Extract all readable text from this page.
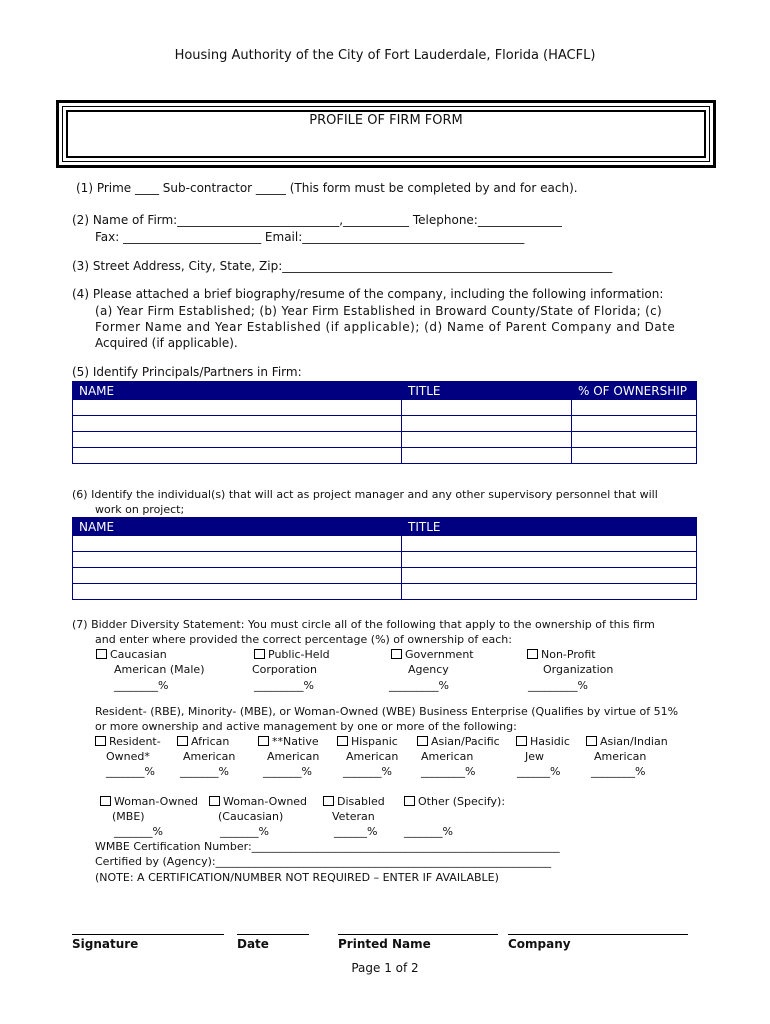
Housing Authority of the City of Fort Lauderdale, Florida (HACFL)
PROFILE OF FIRM FORM
(1) Prime ____ Sub-contractor _____ (This form must be completed by and for each).
(2) Name of Firm:___________________________,___________ Telephone:______________
Fax: _______________________ Email:_____________________________________
(3) Street Address, City, State, Zip:_______________________________________________________
(4) Please attached a brief biography/resume of the company, including the following information:
(a) Year Firm Established; (b) Year Firm Established in Broward County/State of Florida; (c)
Former Name and Year Established (if applicable); (d) Name of Parent Company and Date
Acquired (if applicable).
(5) Identify Principals/Partners in Firm:
NAME	TITLE	% OF OWNERSHIP

(6) Identify the individual(s) that will act as project manager and any other supervisory personnel that will
work on project;
NAME	TITLE

(7) Bidder Diversity Statement: You must circle all of the following that apply to the ownership of this firm
and enter where provided the correct percentage (%) of ownership of each:
Caucasian
American (Male)
________%
Public-Held
Corporation
_________%
Government
Agency
_________%
Non-Profit
Organization
_________%
Resident- (RBE), Minority- (MBE), or Woman-Owned (WBE) Business Enterprise (Qualifies by virtue of 51%
or more ownership and active management by one or more of the following:
Resident-
Owned*
_______%
African
American
_______%
**Native
American
_______%
Hispanic
American
_______%
Asian/Pacific
American
________%
Hasidic
Jew
______%
Asian/Indian
American
________%
Woman-Owned
(MBE)
_______%
Woman-Owned
(Caucasian)
_______%
Disabled
Veteran
______%
Other (Specify):
_______%
WMBE Certification Number:________________________________________________________
Certified by (Agency):_____________________________________________________________
(NOTE: A CERTIFICATION/NUMBER NOT REQUIRED – ENTER IF AVAILABLE)
Signature	Date	Printed Name	Company
Page 1 of 2
